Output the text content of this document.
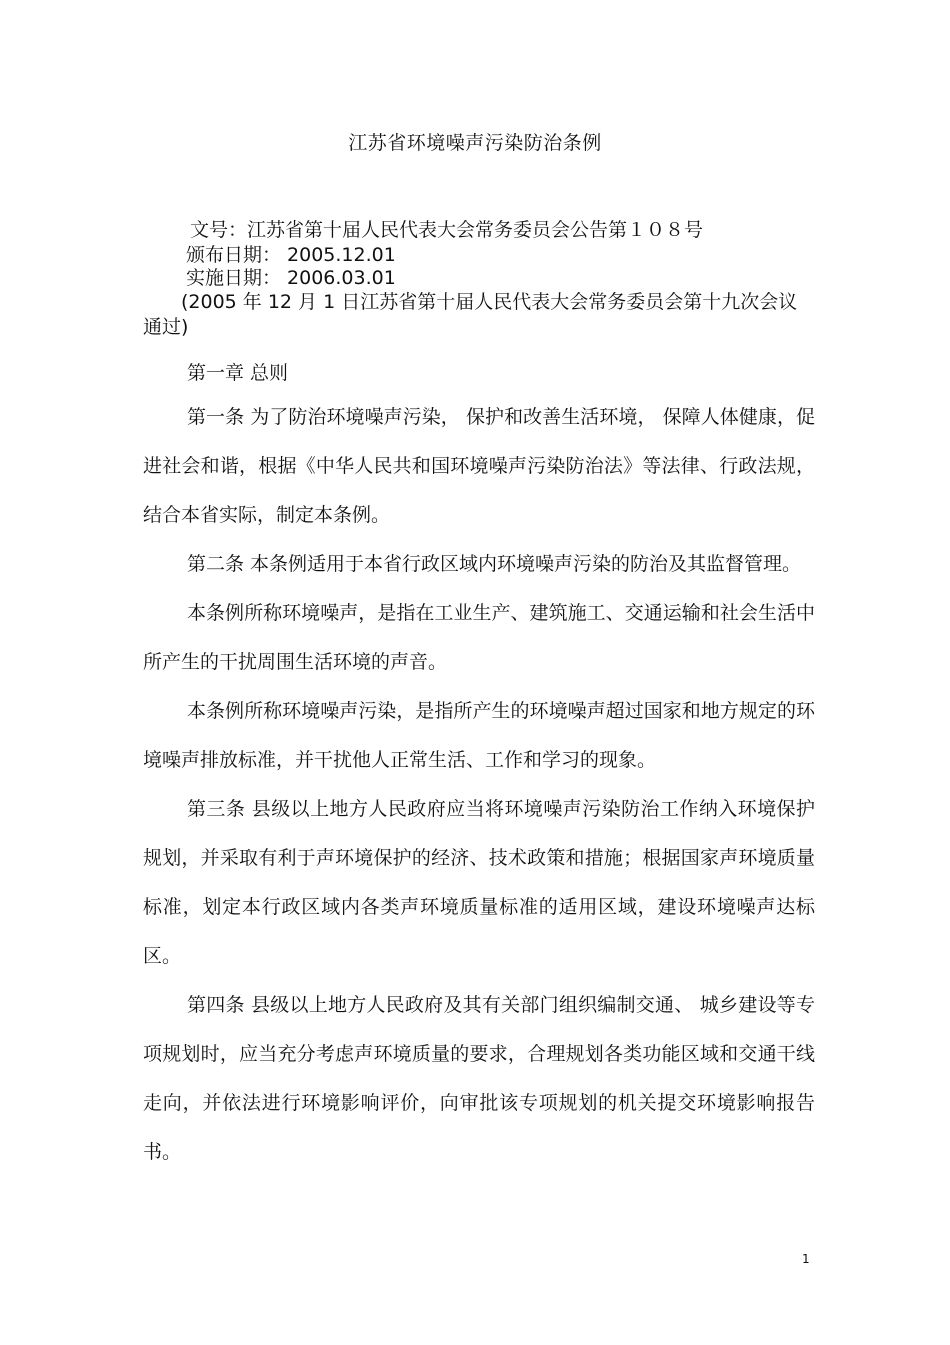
江苏省环境噪声污染防治条例
文号：江苏省第十届人民代表大会常务委员会公告第１０８号
颁布日期： 2005.12.01
实施日期： 2006.03.01
(2005 年 12 月 1 日江苏省第十届人民代表大会常务委员会第十九次会议通过)
第一章 总则

第一条 为了防治环境噪声污染， 保护和改善生活环境， 保障人体健康，促进社会和谐，根据《中华人民共和国环境噪声污染防治法》等法律、行政法规，结合本省实际，制定本条例。

第二条 本条例适用于本省行政区域内环境噪声污染的防治及其监督管理。

本条例所称环境噪声，是指在工业生产、建筑施工、交通运输和社会生活中所产生的干扰周围生活环境的声音。

本条例所称环境噪声污染，是指所产生的环境噪声超过国家和地方规定的环境噪声排放标准，并干扰他人正常生活、工作和学习的现象。

第三条 县级以上地方人民政府应当将环境噪声污染防治工作纳入环境保护规划，并采取有利于声环境保护的经济、技术政策和措施；根据国家声环境质量标准，划定本行政区域内各类声环境质量标准的适用区域，建设环境噪声达标区。

第四条 县级以上地方人民政府及其有关部门组织编制交通、 城乡建设等专项规划时，应当充分考虑声环境质量的要求，合理规划各类功能区域和交通干线走向，并依法进行环境影响评价，向审批该专项规划的机关提交环境影响报告书。

1
